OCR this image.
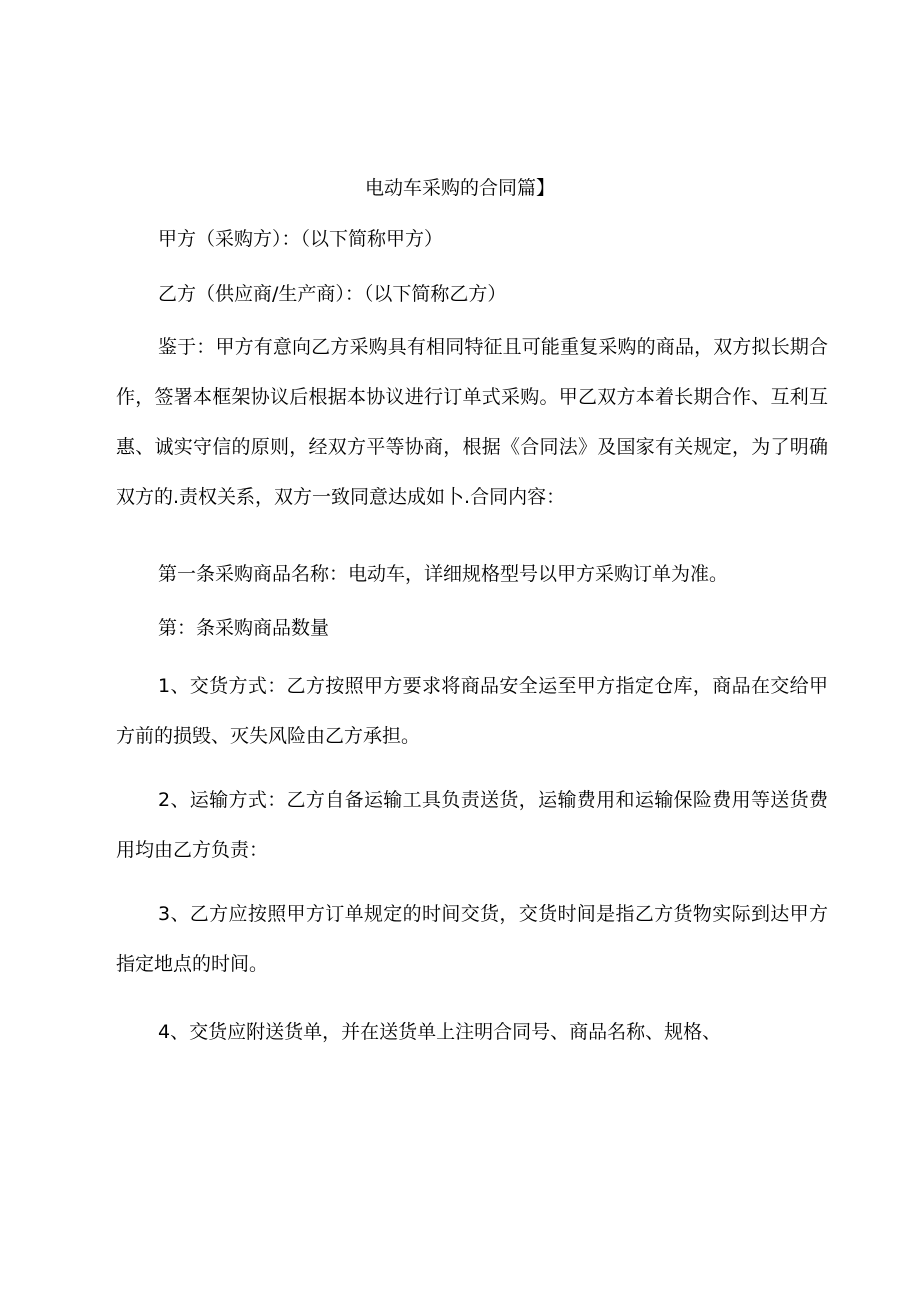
电动车采购的合同篇】

甲方（采购方）：（以下简称甲方）

乙方（供应商/生产商）：（以下简称乙方）

鉴于：甲方有意向乙方采购具有相同特征且可能重复采购的商品，双方拟长期合作，签署本框架协议后根据本协议进行订单式采购。甲乙双方本着长期合作、互利互惠、诚实守信的原则，经双方平等协商，根据《合同法》及国家有关规定，为了明确双方的.责权关系，双方一致同意达成如卜.合同内容：

第一条采购商品名称：电动车，详细规格型号以甲方采购订单为准。

第：条采购商品数量

1、交货方式：乙方按照甲方要求将商品安全运至甲方指定仓库，商品在交给甲方前的损毁、灭失风险由乙方承担。

2、运输方式：乙方自备运输工具负责送货，运输费用和运输保险费用等送货费用均由乙方负责：

3、乙方应按照甲方订单规定的时间交货，交货时间是指乙方货物实际到达甲方指定地点的时间。

4、交货应附送货单，并在送货单上注明合同号、商品名称、规格、
